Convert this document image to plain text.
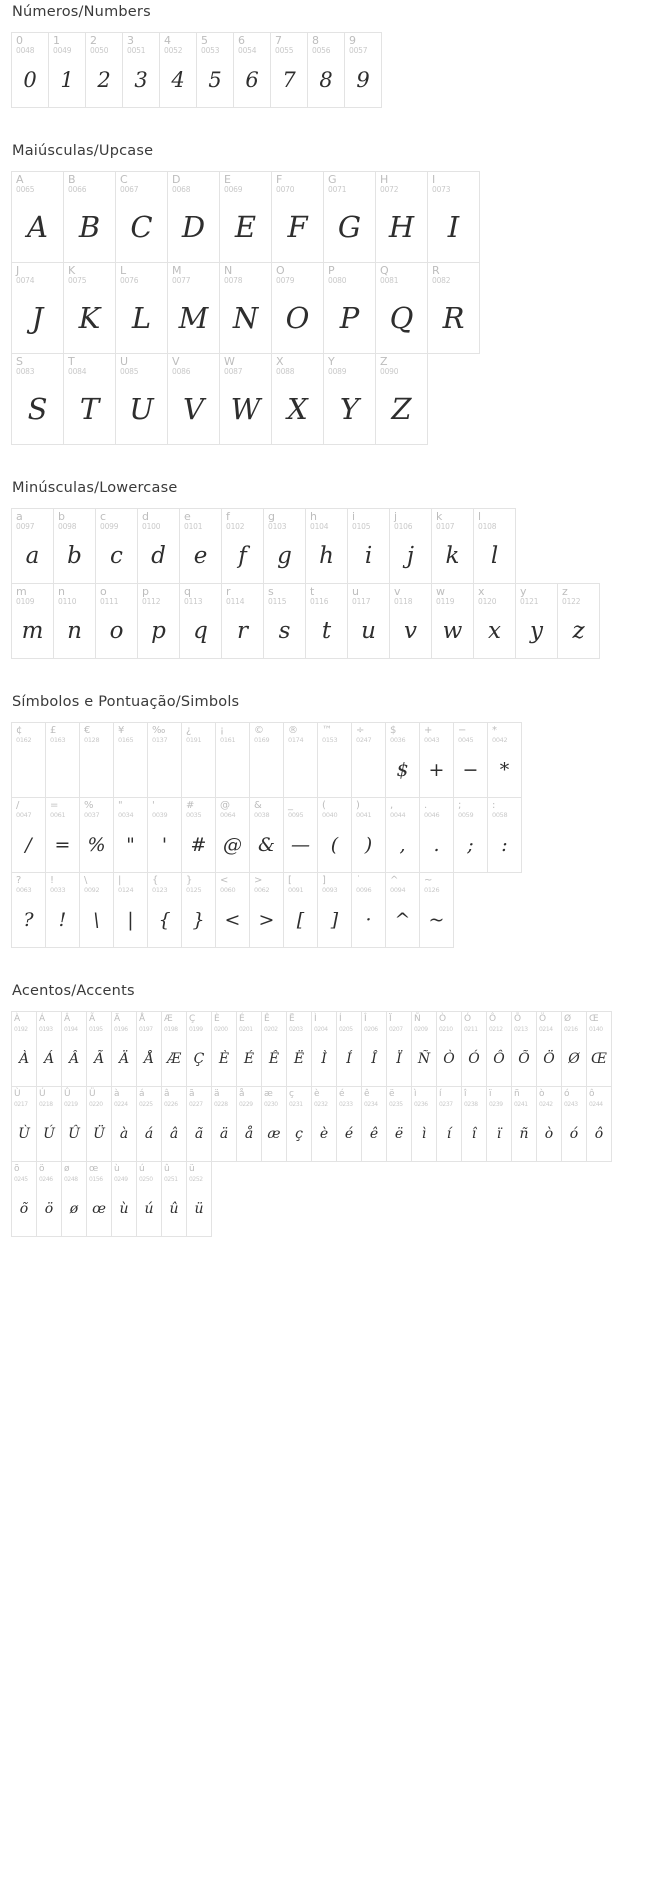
Números/Numbers
0
0048
0
1
0049
1
2
0050
2
3
0051
3
4
0052
4
5
0053
5
6
0054
6
7
0055
7
8
0056
8
9
0057
9
Maiúsculas/Upcase
A
0065
A
B
0066
B
C
0067
C
D
0068
D
E
0069
E
F
0070
F
G
0071
G
H
0072
H
I
0073
I
J
0074
J
K
0075
K
L
0076
L
M
0077
M
N
0078
N
O
0079
O
P
0080
P
Q
0081
Q
R
0082
R
S
0083
S
T
0084
T
U
0085
U
V
0086
V
W
0087
W
X
0088
X
Y
0089
Y
Z
0090
Z
Minúsculas/Lowercase
a
0097
a
b
0098
b
c
0099
c
d
0100
d
e
0101
e
f
0102
f
g
0103
g
h
0104
h
i
0105
i
j
0106
j
k
0107
k
l
0108
l
m
0109
m
n
0110
n
o
0111
o
p
0112
p
q
0113
q
r
0114
r
s
0115
s
t
0116
t
u
0117
u
v
0118
v
w
0119
w
x
0120
x
y
0121
y
z
0122
z
Símbolos e Pontuação/Simbols
¢
0162
£
0163
€
0128
¥
0165
‰
0137
¿
0191
¡
0161
©
0169
®
0174
™
0153
÷
0247
$
0036
$
+
0043
+
−
0045
−
*
0042
*
/
0047
/
=
0061
=
%
0037
%
"
0034
"
'
0039
'
#
0035
#
@
0064
@
&
0038
&
_
0095
—
(
0040
(
)
0041
)
,
0044
,
.
0046
.
;
0059
;
:
0058
:
?
0063
?
!
0033
!
\
0092
\
|
0124
|
{
0123
{
}
0125
}
<
0060
<
>
0062
>
[
0091
[
]
0093
]
˙
0096
·
^
0094
^
~
0126
~
Acentos/Accents
À
0192
À
Á
0193
Á
Â
0194
Â
Ã
0195
Ã
Ä
0196
Ä
Å
0197
Å
Æ
0198
Æ
Ç
0199
Ç
È
0200
È
É
0201
É
Ê
0202
Ê
Ë
0203
Ë
Ì
0204
Ì
Í
0205
Í
Î
0206
Î
Ï
0207
Ï
Ñ
0209
Ñ
Ò
0210
Ò
Ó
0211
Ó
Ô
0212
Ô
Õ
0213
Õ
Ö
0214
Ö
Ø
0216
Ø
Œ
0140
Œ
Ù
0217
Ù
Ú
0218
Ú
Û
0219
Û
Ü
0220
Ü
à
0224
à
á
0225
á
â
0226
â
ã
0227
ã
ä
0228
ä
å
0229
å
æ
0230
æ
ç
0231
ç
è
0232
è
é
0233
é
ê
0234
ê
ë
0235
ë
ì
0236
ì
í
0237
í
î
0238
î
ï
0239
ï
ñ
0241
ñ
ò
0242
ò
ó
0243
ó
ô
0244
ô
õ
0245
õ
ö
0246
ö
ø
0248
ø
œ
0156
œ
ù
0249
ù
ú
0250
ú
û
0251
û
ü
0252
ü
